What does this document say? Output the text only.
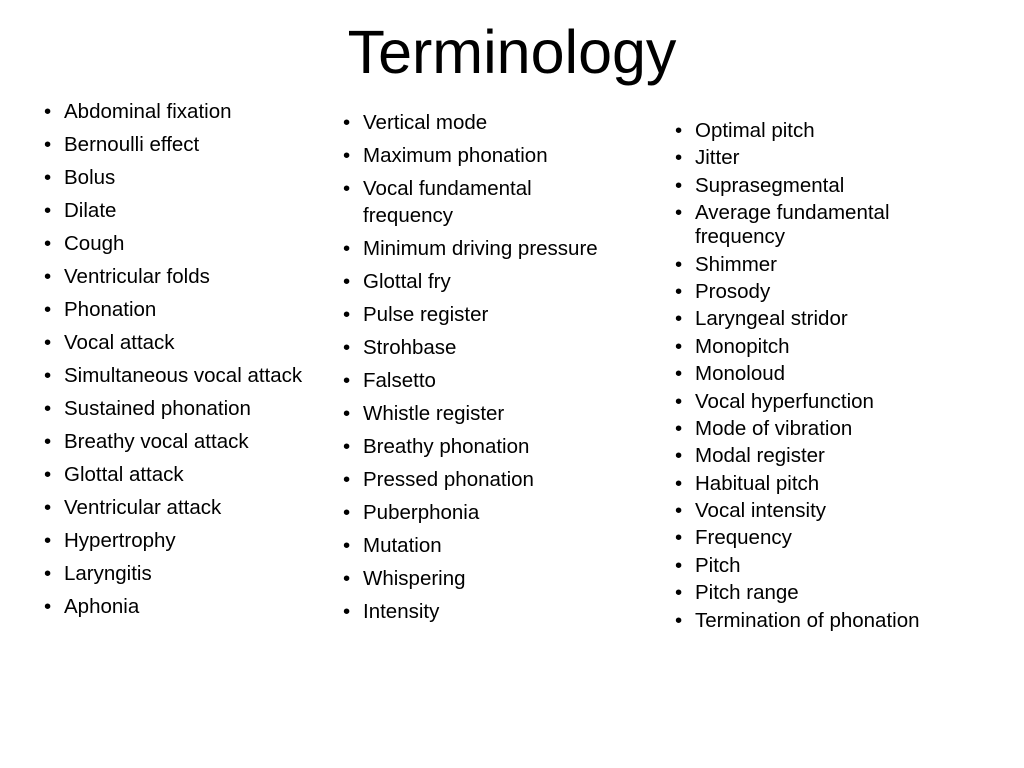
Terminology
• Abdominal fixation
• Bernoulli effect
• Bolus
• Dilate
• Cough
• Ventricular folds
• Phonation
• Vocal attack
• Simultaneous vocal attack
• Sustained phonation
• Breathy vocal attack
• Glottal attack
• Ventricular attack
• Hypertrophy
• Laryngitis
• Aphonia
• Vertical mode
• Maximum phonation
• Vocal fundamental frequency
• Minimum driving pressure
• Glottal fry
• Pulse register
• Strohbase
• Falsetto
• Whistle register
• Breathy phonation
• Pressed phonation
• Puberphonia
• Mutation
• Whispering
• Intensity
• Optimal pitch
• Jitter
• Suprasegmental
• Average fundamental frequency
• Shimmer
• Prosody
• Laryngeal stridor
• Monopitch
• Monoloud
• Vocal hyperfunction
• Mode of vibration
• Modal register
• Habitual pitch
• Vocal intensity
• Frequency
• Pitch
• Pitch range
• Termination of phonation
